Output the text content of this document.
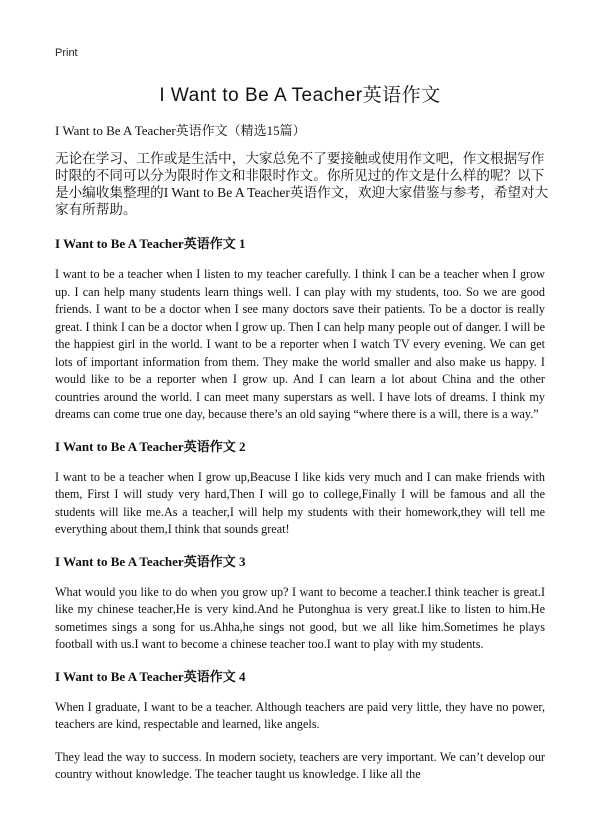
Print
I Want to Be A Teacher英语作文
I Want to Be A Teacher英语作文（精选15篇）

无论在学习、工作或是生活中，大家总免不了要接触或使用作文吧，作文根据写作时限的不同可以分为限时作文和非限时作文。你所见过的作文是什么样的呢？以下是小编收集整理的I Want to Be A Teacher英语作文，欢迎大家借鉴与参考，希望对大家有所帮助。

I Want to Be A Teacher英语作文 1

I want to be a teacher when I listen to my teacher carefully. I think I can be a teacher when I grow up. I can help many students learn things well. I can play with my students, too. So we are good friends. I want to be a doctor when I see many doctors save their patients. To be a doctor is really great. I think I can be a doctor when I grow up. Then I can help many people out of danger. I will be the happiest girl in the world. I want to be a reporter when I watch TV every evening. We can get lots of important information from them. They make the world smaller and also make us happy. I would like to be a reporter when I grow up. And I can learn a lot about China and the other countries around the world. I can meet many superstars as well. I have lots of dreams. I think my dreams can come true one day, because there’s an old saying “where there is a will, there is a way.”

I Want to Be A Teacher英语作文 2

I want to be a teacher when I grow up,Beacuse I like kids very much and I can make friends with them, First I will study very hard,Then I will go to college,Finally I will be famous and all the students will like me.As a teacher,I will help my students with their homework,they will tell me everything about them,I think that sounds great!

I Want to Be A Teacher英语作文 3

What would you like to do when you grow up? I want to become a teacher.I think teacher is great.I like my chinese teacher,He is very kind.And he Putonghua is very great.I like to listen to him.He sometimes sings a song for us.Ahha,he sings not good, but we all like him.Sometimes he plays football with us.I want to become a chinese teacher too.I want to play with my students.

I Want to Be A Teacher英语作文 4

When I graduate, I want to be a teacher. Although teachers are paid very little, they have no power, teachers are kind, respectable and learned, like angels.

They lead the way to success. In modern society, teachers are very important. We can’t develop our country without knowledge. The teacher taught us knowledge. I like all the
